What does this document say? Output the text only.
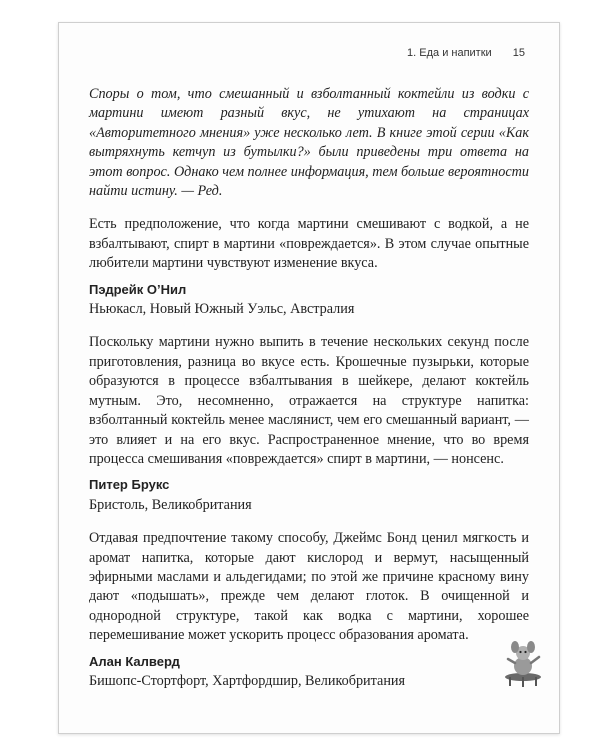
1. Еда и напитки 15

Споры о том, что смешанный и взболтанный коктейли из водки с мартини имеют разный вкус, не утихают на страницах «Авторитетного мнения» уже несколько лет. В книге этой серии «Как вытряхнуть кетчуп из бутылки?» были приведены три ответа на этот вопрос. Однако чем полнее информация, тем больше вероятности найти истину. — Ред.

Есть предположение, что когда мартини смешивают с водкой, а не взбалтывают, спирт в мартини «повреждается». В этом случае опытные любители мартини чувствуют изменение вкуса.

Пэдрейк О’Нил
Ньюкасл, Новый Южный Уэльс, Австралия

Поскольку мартини нужно выпить в течение нескольких секунд после приготовления, разница во вкусе есть. Крошечные пузырьки, которые образуются в процессе взбалтывания в шейкере, делают коктейль мутным. Это, несомненно, отражается на структуре напитка: взболтанный коктейль менее маслянист, чем его смешанный вариант, — это влияет и на его вкус. Распространенное мнение, что во время процесса смешивания «повреждается» спирт в мартини, — нонсенс.

Питер Брукс
Бристоль, Великобритания

Отдавая предпочтение такому способу, Джеймс Бонд ценил мягкость и аромат напитка, которые дают кислород и вермут, насыщенный эфирными маслами и альдегидами; по этой же причине красному вину дают «подышать», прежде чем делают глоток. В очищенной и однородной структуре, такой как водка с мартини, хорошее перемешивание может ускорить процесс образования аромата.

Алан Калверд
Бишопс-Стортфорт, Хартфордшир, Великобритания
